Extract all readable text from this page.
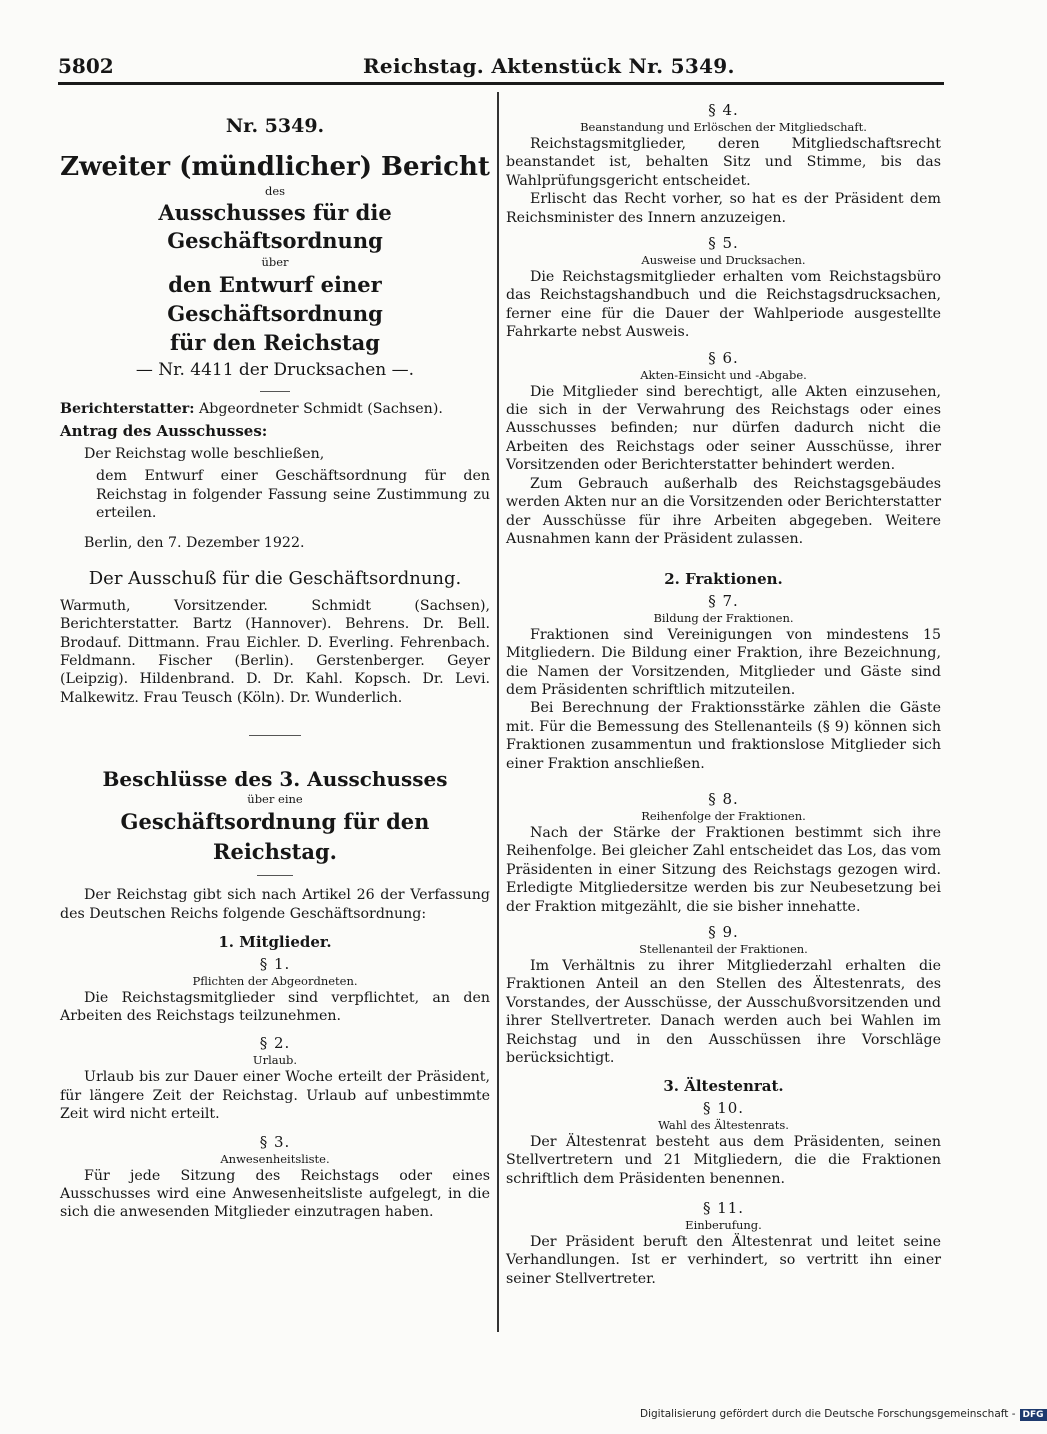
5802	Reichstag. Aktenstück Nr. 5349.

Nr. 5349.

Zweiter (mündlicher) Bericht

des

Ausschusses für die Geschäftsordnung

über

den Entwurf einer Geschäftsordnung

für den Reichstag

— Nr. 4411 der Drucksachen —.

Berichterstatter: Abgeordneter Schmidt (Sachsen).

Antrag des Ausschusses:

Der Reichstag wolle beschließen,

dem Entwurf einer Geschäftsordnung für den Reichstag in folgender Fassung seine Zustimmung zu erteilen.

Berlin, den 7. Dezember 1922.

Der Ausschuß für die Geschäftsordnung.

Warmuth, Vorsitzender. Schmidt (Sachsen), Berichterstatter. Bartz (Hannover). Behrens. Dr. Bell. Brodauf. Dittmann. Frau Eichler. D. Everling. Fehrenbach. Feldmann. Fischer (Berlin). Gerstenberger. Geyer (Leipzig). Hildenbrand. D. Dr. Kahl. Kopsch. Dr. Levi. Malkewitz. Frau Teusch (Köln). Dr. Wunderlich.

Beschlüsse des 3. Ausschusses

über eine

Geschäftsordnung für den Reichstag.

Der Reichstag gibt sich nach Artikel 26 der Verfassung des Deutschen Reichs folgende Geschäftsordnung:

1. Mitglieder.

§ 1.

Pflichten der Abgeordneten.

Die Reichstagsmitglieder sind verpflichtet, an den Arbeiten des Reichstags teilzunehmen.

§ 2.

Urlaub.

Urlaub bis zur Dauer einer Woche erteilt der Präsident, für längere Zeit der Reichstag. Urlaub auf unbestimmte Zeit wird nicht erteilt.

§ 3.

Anwesenheitsliste.

Für jede Sitzung des Reichstags oder eines Ausschusses wird eine Anwesenheitsliste aufgelegt, in die sich die anwesenden Mitglieder einzutragen haben.

§ 4.

Beanstandung und Erlöschen der Mitgliedschaft.

Reichstagsmitglieder, deren Mitgliedschaftsrecht beanstandet ist, behalten Sitz und Stimme, bis das Wahlprüfungsgericht entscheidet.

Erlischt das Recht vorher, so hat es der Präsident dem Reichsminister des Innern anzuzeigen.

§ 5.

Ausweise und Drucksachen.

Die Reichstagsmitglieder erhalten vom Reichstagsbüro das Reichstagshandbuch und die Reichstagsdrucksachen, ferner eine für die Dauer der Wahlperiode ausgestellte Fahrkarte nebst Ausweis.

§ 6.

Akten-Einsicht und -Abgabe.

Die Mitglieder sind berechtigt, alle Akten einzusehen, die sich in der Verwahrung des Reichstags oder eines Ausschusses befinden; nur dürfen dadurch nicht die Arbeiten des Reichstags oder seiner Ausschüsse, ihrer Vorsitzenden oder Berichterstatter behindert werden.

Zum Gebrauch außerhalb des Reichstagsgebäudes werden Akten nur an die Vorsitzenden oder Berichterstatter der Ausschüsse für ihre Arbeiten abgegeben. Weitere Ausnahmen kann der Präsident zulassen.

2. Fraktionen.

§ 7.

Bildung der Fraktionen.

Fraktionen sind Vereinigungen von mindestens 15 Mitgliedern. Die Bildung einer Fraktion, ihre Bezeichnung, die Namen der Vorsitzenden, Mitglieder und Gäste sind dem Präsidenten schriftlich mitzuteilen.

Bei Berechnung der Fraktionsstärke zählen die Gäste mit. Für die Bemessung des Stellenanteils (§ 9) können sich Fraktionen zusammentun und fraktionslose Mitglieder sich einer Fraktion anschließen.

§ 8.

Reihenfolge der Fraktionen.

Nach der Stärke der Fraktionen bestimmt sich ihre Reihenfolge. Bei gleicher Zahl entscheidet das Los, das vom Präsidenten in einer Sitzung des Reichstags gezogen wird. Erledigte Mitgliedersitze werden bis zur Neubesetzung bei der Fraktion mitgezählt, die sie bisher innehatte.

§ 9.

Stellenanteil der Fraktionen.

Im Verhältnis zu ihrer Mitgliederzahl erhalten die Fraktionen Anteil an den Stellen des Ältestenrats, des Vorstandes, der Ausschüsse, der Ausschußvorsitzenden und ihrer Stellvertreter. Danach werden auch bei Wahlen im Reichstag und in den Ausschüssen ihre Vorschläge berücksichtigt.

3. Ältestenrat.

§ 10.

Wahl des Ältestenrats.

Der Ältestenrat besteht aus dem Präsidenten, seinen Stellvertretern und 21 Mitgliedern, die die Fraktionen schriftlich dem Präsidenten benennen.

§ 11.

Einberufung.

Der Präsident beruft den Ältestenrat und leitet seine Verhandlungen. Ist er verhindert, so vertritt ihn einer seiner Stellvertreter.

Digitalisierung gefördert durch die Deutsche Forschungsgemeinschaft - DFG
